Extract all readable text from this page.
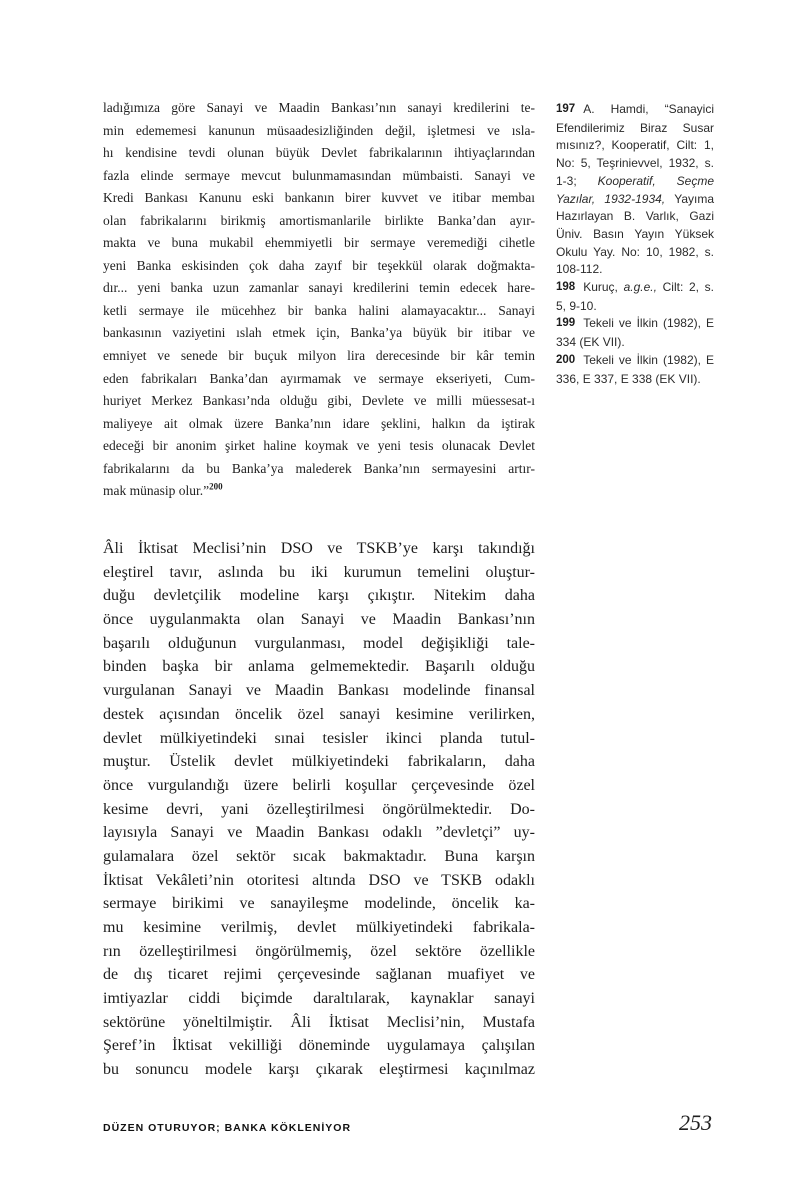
ladığımıza göre Sanayi ve Maadin Bankası’nın sanayi kredilerini te-
min edememesi kanunun müsaadesizliğinden değil, işletmesi ve ısla-
hı kendisine tevdi olunan büyük Devlet fabrikalarının ihtiyaçlarından
fazla elinde sermaye mevcut bulunmamasından mümbaisti. Sanayi ve
Kredi Bankası Kanunu eski bankanın birer kuvvet ve itibar membaı
olan fabrikalarını birikmiş amortismanlarile birlikte Banka’dan ayır-
makta ve buna mukabil ehemmiyetli bir sermaye veremediği cihetle
yeni Banka eskisinden çok daha zayıf bir teşekkül olarak doğmakta-
dır... yeni banka uzun zamanlar sanayi kredilerini temin edecek hare-
ketli sermaye ile mücehhez bir banka halini alamayacaktır... Sanayi
bankasının vaziyetini ıslah etmek için, Banka’ya büyük bir itibar ve
emniyet ve senede bir buçuk milyon lira derecesinde bir kâr temin
eden fabrikaları Banka’dan ayırmamak ve sermaye ekseriyeti, Cum-
huriyet Merkez Bankası’nda olduğu gibi, Devlete ve milli müessesat-ı
maliyeye ait olmak üzere Banka’nın idare şeklini, halkın da iştirak
edeceği bir anonim şirket haline koymak ve yeni tesis olunacak Devlet
fabrikalarını da bu Banka’ya malederek Banka’nın sermayesini artır-
mak münasip olur.”$^{200}$
Âli İktisat Meclisi’nin DSO ve TSKB’ye karşı takındığı
eleştirel tavır, aslında bu iki kurumun temelini oluştur-
duğu devletçilik modeline karşı çıkıştır. Nitekim daha
önce uygulanmakta olan Sanayi ve Maadin Bankası’nın
başarılı olduğunun vurgulanması, model değişikliği tale-
binden başka bir anlama gelmemektedir. Başarılı olduğu
vurgulanan Sanayi ve Maadin Bankası modelinde finansal
destek açısından öncelik özel sanayi kesimine verilirken,
devlet mülkiyetindeki sınai tesisler ikinci planda tutul-
muştur. Üstelik devlet mülkiyetindeki fabrikaların, daha
önce vurgulandığı üzere belirli koşullar çerçevesinde özel
kesime devri, yani özelleştirilmesi öngörülmektedir. Do-
layısıyla Sanayi ve Maadin Bankası odaklı ”devletçi” uy-
gulamalara özel sektör sıcak bakmaktadır. Buna karşın
İktisat Vekâleti’nin otoritesi altında DSO ve TSKB odaklı
sermaye birikimi ve sanayileşme modelinde, öncelik ka-
mu kesimine verilmiş, devlet mülkiyetindeki fabrikala-
rın özelleştirilmesi öngörülmemiş, özel sektöre özellikle
de dış ticaret rejimi çerçevesinde sağlanan muafiyet ve
imtiyazlar ciddi biçimde daraltılarak, kaynaklar sanayi
sektörüne yöneltilmiştir. Âli İktisat Meclisi’nin, Mustafa
Şeref’in İktisat vekilliği döneminde uygulamaya çalışılan
bu sonuncu modele karşı çıkarak eleştirmesi kaçınılmaz

197 A. Hamdi, “Sanayici Efendilerimiz Biraz Susar mısınız?, Kooperatif, Cilt: 1, No: 5, Teşrinievvel, 1932, s. 1-3; Kooperatif, Seçme Yazılar, 1932-1934, Yayıma Hazırlayan B. Varlık, Gazi Üniv. Basın Yayın Yüksek Okulu Yay. No: 10, 1982, s. 108-112.

198 Kuruç, a.g.e., Cilt: 2, s. 5, 9-10.

199 Tekeli ve İlkin (1982), E 334 (EK VII).

200 Tekeli ve İlkin (1982), E 336, E 337, E 338 (EK VII).

DÜZEN OTURUYOR; BANKA KÖKLENİYOR	253
